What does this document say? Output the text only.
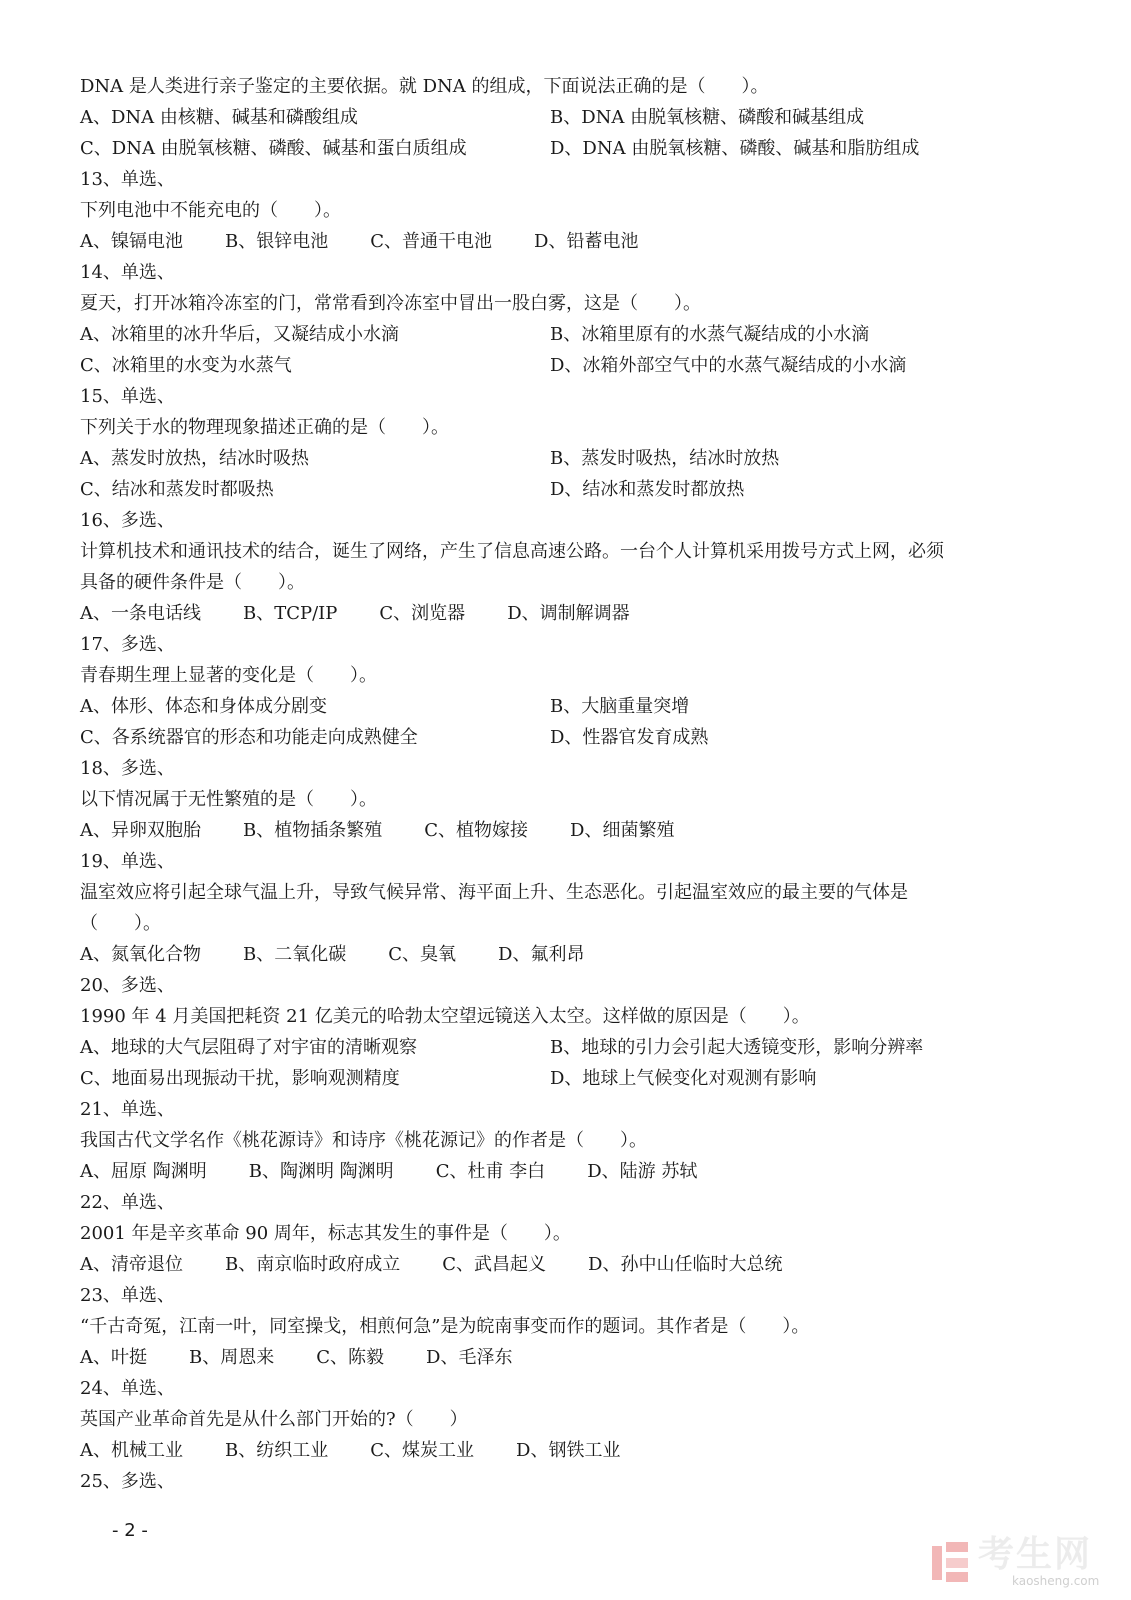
DNA 是人类进行亲子鉴定的主要依据。就 DNA 的组成，下面说法正确的是（　　）。

A、DNA 由核糖、碱基和磷酸组成	B、DNA 由脱氧核糖、磷酸和碱基组成
C、DNA 由脱氧核糖、磷酸、碱基和蛋白质组成	D、DNA 由脱氧核糖、磷酸、碱基和脂肪组成

13、单选、

下列电池中不能充电的（　　）。

A、镍镉电池 B、银锌电池 C、普通干电池 D、铅蓄电池

14、单选、

夏天，打开冰箱冷冻室的门，常常看到冷冻室中冒出一股白雾，这是（　　）。

A、冰箱里的冰升华后，又凝结成小水滴	B、冰箱里原有的水蒸气凝结成的小水滴
C、冰箱里的水变为水蒸气	D、冰箱外部空气中的水蒸气凝结成的小水滴

15、单选、

下列关于水的物理现象描述正确的是（　　）。

A、蒸发时放热，结冰时吸热	B、蒸发时吸热，结冰时放热
C、结冰和蒸发时都吸热	D、结冰和蒸发时都放热

16、多选、

计算机技术和通讯技术的结合，诞生了网络，产生了信息高速公路。一台个人计算机采用拨号方式上网，必须

具备的硬件条件是（　　）。

A、一条电话线 B、TCP/IP C、浏览器 D、调制解调器

17、多选、

青春期生理上显著的变化是（　　）。

A、体形、体态和身体成分剧变	B、大脑重量突增
C、各系统器官的形态和功能走向成熟健全	D、性器官发育成熟

18、多选、

以下情况属于无性繁殖的是（　　）。

A、异卵双胞胎 B、植物插条繁殖 C、植物嫁接 D、细菌繁殖

19、单选、

温室效应将引起全球气温上升，导致气候异常、海平面上升、生态恶化。引起温室效应的最主要的气体是

（　　）。

A、氮氧化合物 B、二氧化碳 C、臭氧 D、氟利昂

20、多选、

1990 年 4 月美国把耗资 21 亿美元的哈勃太空望远镜送入太空。这样做的原因是（　　）。

A、地球的大气层阻碍了对宇宙的清晰观察	B、地球的引力会引起大透镜变形，影响分辨率
C、地面易出现振动干扰，影响观测精度	D、地球上气候变化对观测有影响

21、单选、

我国古代文学名作《桃花源诗》和诗序《桃花源记》的作者是（　　）。

A、屈原 陶渊明 B、陶渊明 陶渊明 C、杜甫 李白 D、陆游 苏轼

22、单选、

2001 年是辛亥革命 90 周年，标志其发生的事件是（　　）。

A、清帝退位 B、南京临时政府成立 C、武昌起义 D、孙中山任临时大总统

23、单选、

“千古奇冤，江南一叶，同室操戈，相煎何急”是为皖南事变而作的题词。其作者是（　　）。

A、叶挺 B、周恩来 C、陈毅 D、毛泽东

24、单选、

英国产业革命首先是从什么部门开始的?（　　）

A、机械工业 B、纺织工业 C、煤炭工业 D、钢铁工业

25、多选、

- 2 -
考生网
kaosheng.com
